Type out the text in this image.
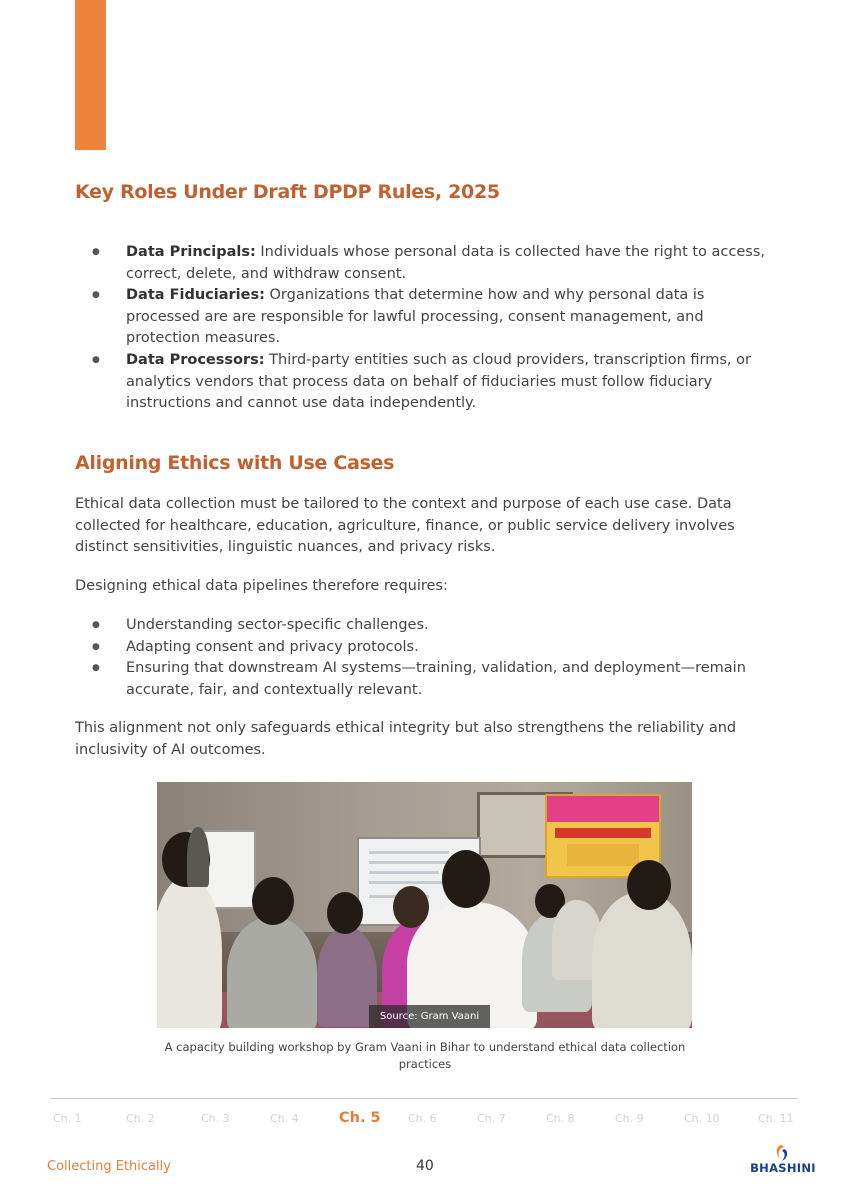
Key Roles Under Draft DPDP Rules, 2025
● Data Principals: Individuals whose personal data is collected have the right to access, correct, delete, and withdraw consent.
● Data Fiduciaries: Organizations that determine how and why personal data is processed are are responsible for lawful processing, consent management, and protection measures.
● Data Processors: Third-party entities such as cloud providers, transcription firms, or analytics vendors that process data on behalf of fiduciaries must follow fiduciary instructions and cannot use data independently.
Aligning Ethics with Use Cases

Ethical data collection must be tailored to the context and purpose of each use case. Data collected for healthcare, education, agriculture, finance, or public service delivery involves distinct sensitivities, linguistic nuances, and privacy risks.

Designing ethical data pipelines therefore requires:

● Understanding sector-specific challenges.
● Adapting consent and privacy protocols.
● Ensuring that downstream AI systems—training, validation, and deployment—remain accurate, fair, and contextually relevant.

This alignment not only safeguards ethical integrity but also strengthens the reliability and inclusivity of AI outcomes.

Source: Gram Vaani
A capacity building workshop by Gram Vaani in Bihar to understand ethical data collection practices
Ch. 1	Ch. 2	Ch. 3	Ch. 4	Ch. 5 Ch. 6	Ch. 7	Ch. 8	Ch. 9	Ch. 10	Ch. 11
Collecting Ethically	40	BHASHINI
